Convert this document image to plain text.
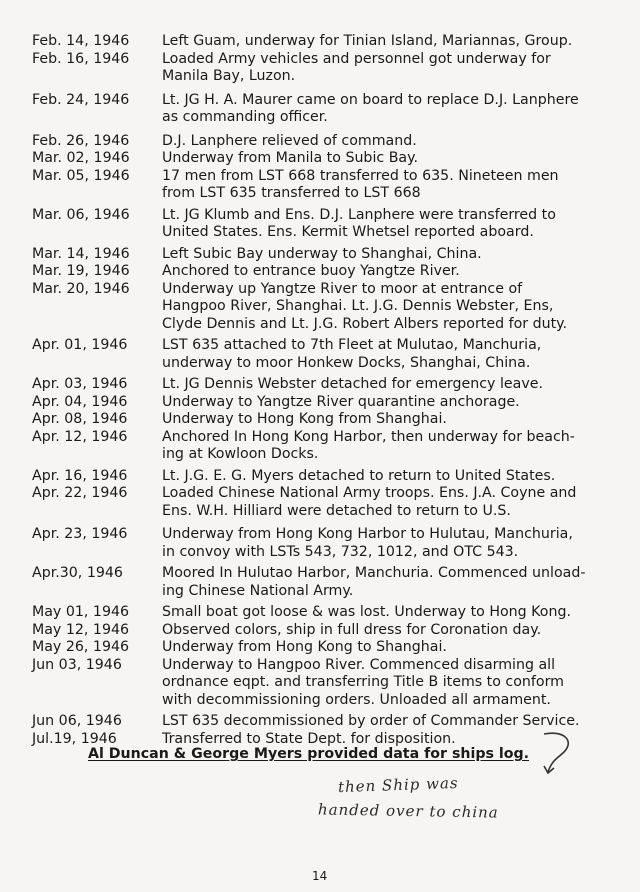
Feb. 14, 1946	Left Guam, underway for Tinian Island, Mariannas, Group.
Feb. 16, 1946	Loaded Army vehicles and personnel got underway for
Manila Bay, Luzon.
Feb. 24, 1946	Lt. JG H. A. Maurer came on board to replace D.J. Lanphere
as commanding officer.
Feb. 26, 1946	D.J. Lanphere relieved of command.
Mar. 02, 1946	Underway from Manila to Subic Bay.
Mar. 05, 1946	17 men from LST 668 transferred to 635. Nineteen men
from LST 635 transferred to LST 668
Mar. 06, 1946	Lt. JG Klumb and Ens. D.J. Lanphere were transferred to
United States. Ens. Kermit Whetsel reported aboard.
Mar. 14, 1946	Left Subic Bay underway to Shanghai, China.
Mar. 19, 1946	Anchored to entrance buoy Yangtze River.
Mar. 20, 1946	Underway up Yangtze River to moor at entrance of
Hangpoo River, Shanghai. Lt. J.G. Dennis Webster, Ens,
Clyde Dennis and Lt. J.G. Robert Albers reported for duty.
Apr. 01, 1946	LST 635 attached to 7th Fleet at Mulutao, Manchuria,
underway to moor Honkew Docks, Shanghai, China.
Apr. 03, 1946	Lt. JG Dennis Webster detached for emergency leave.
Apr. 04, 1946	Underway to Yangtze River quarantine anchorage.
Apr. 08, 1946	Underway to Hong Kong from Shanghai.
Apr. 12, 1946	Anchored In Hong Kong Harbor, then underway for beach-
ing at Kowloon Docks.
Apr. 16, 1946	Lt. J.G. E. G. Myers detached to return to United States.
Apr. 22, 1946	Loaded Chinese National Army troops. Ens. J.A. Coyne and
Ens. W.H. Hilliard were detached to return to U.S.
Apr. 23, 1946	Underway from Hong Kong Harbor to Hulutau, Manchuria,
in convoy with LSTs 543, 732, 1012, and OTC 543.
Apr.30, 1946	Moored In Hulutao Harbor, Manchuria. Commenced unload-
ing Chinese National Army.
May 01, 1946	Small boat got loose & was lost. Underway to Hong Kong.
May 12, 1946	Observed colors, ship in full dress for Coronation day.
May 26, 1946	Underway from Hong Kong to Shanghai.
Jun 03, 1946	Underway to Hangpoo River. Commenced disarming all
ordnance eqpt. and transferring Title B items to conform
with decommissioning orders. Unloaded all armament.
Jun 06, 1946	LST 635 decommissioned by order of Commander Service.
Jul.19, 1946	Transferred to State Dept. for disposition.
Al Duncan & George Myers provided data for ships log.
then Ship was
handed over to china
14
